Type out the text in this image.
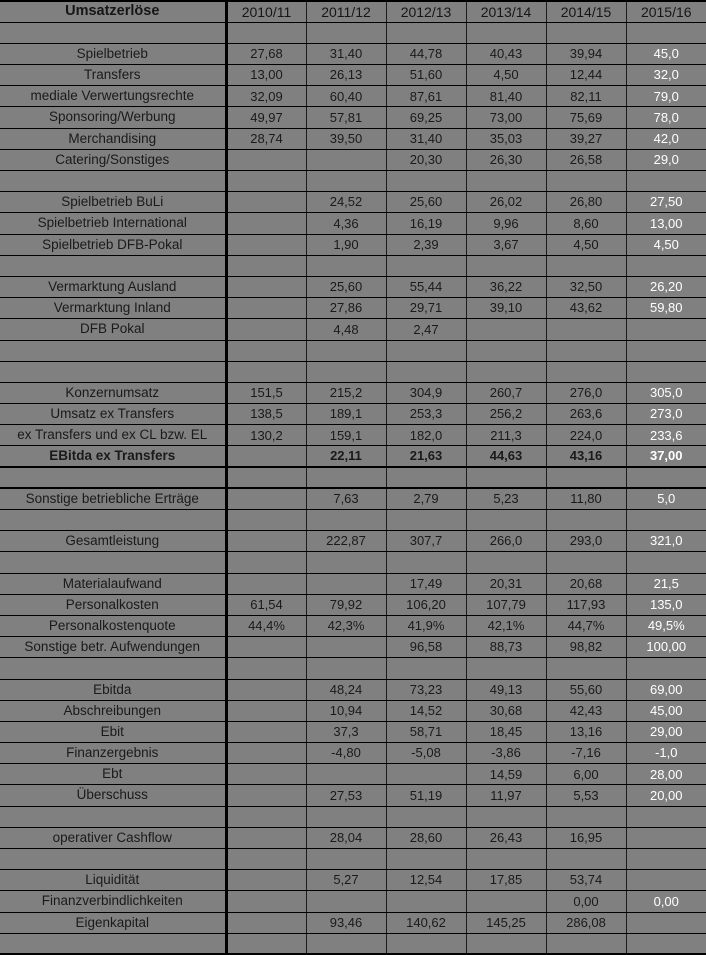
Umsatzerlöse	2010/11	2011/12	2012/13	2013/14	2014/15	2015/16

Spielbetrieb	27,68	31,40	44,78	40,43	39,94	45,0
Transfers	13,00	26,13	51,60	4,50	12,44	32,0
mediale Verwertungsrechte	32,09	60,40	87,61	81,40	82,11	79,0
Sponsoring/Werbung	49,97	57,81	69,25	73,00	75,69	78,0
Merchandising	28,74	39,50	31,40	35,03	39,27	42,0
Catering/Sonstiges			20,30	26,30	26,58	29,0

Spielbetrieb BuLi		24,52	25,60	26,02	26,80	27,50
Spielbetrieb International		4,36	16,19	9,96	8,60	13,00
Spielbetrieb DFB-Pokal		1,90	2,39	3,67	4,50	4,50

Vermarktung Ausland		25,60	55,44	36,22	32,50	26,20
Vermarktung Inland		27,86	29,71	39,10	43,62	59,80
DFB Pokal		4,48	2,47			

Konzernumsatz	151,5	215,2	304,9	260,7	276,0	305,0
Umsatz ex Transfers	138,5	189,1	253,3	256,2	263,6	273,0
ex Transfers und ex CL bzw. EL	130,2	159,1	182,0	211,3	224,0	233,6
EBitda ex Transfers		22,11	21,63	44,63	43,16	37,00

Sonstige betriebliche Erträge		7,63	2,79	5,23	11,80	5,0

Gesamtleistung		222,87	307,7	266,0	293,0	321,0

Materialaufwand			17,49	20,31	20,68	21,5
Personalkosten	61,54	79,92	106,20	107,79	117,93	135,0
Personalkostenquote	44,4%	42,3%	41,9%	42,1%	44,7%	49,5%
Sonstige betr. Aufwendungen			96,58	88,73	98,82	100,00

Ebitda		48,24	73,23	49,13	55,60	69,00
Abschreibungen		10,94	14,52	30,68	42,43	45,00
Ebit		37,3	58,71	18,45	13,16	29,00
Finanzergebnis		-4,80	-5,08	-3,86	-7,16	-1,0
Ebt				14,59	6,00	28,00
Überschuss		27,53	51,19	11,97	5,53	20,00

operativer Cashflow		28,04	28,60	26,43	16,95	

Liquidität		5,27	12,54	17,85	53,74	
Finanzverbindlichkeiten					0,00	0,00
Eigenkapital		93,46	140,62	145,25	286,08	
